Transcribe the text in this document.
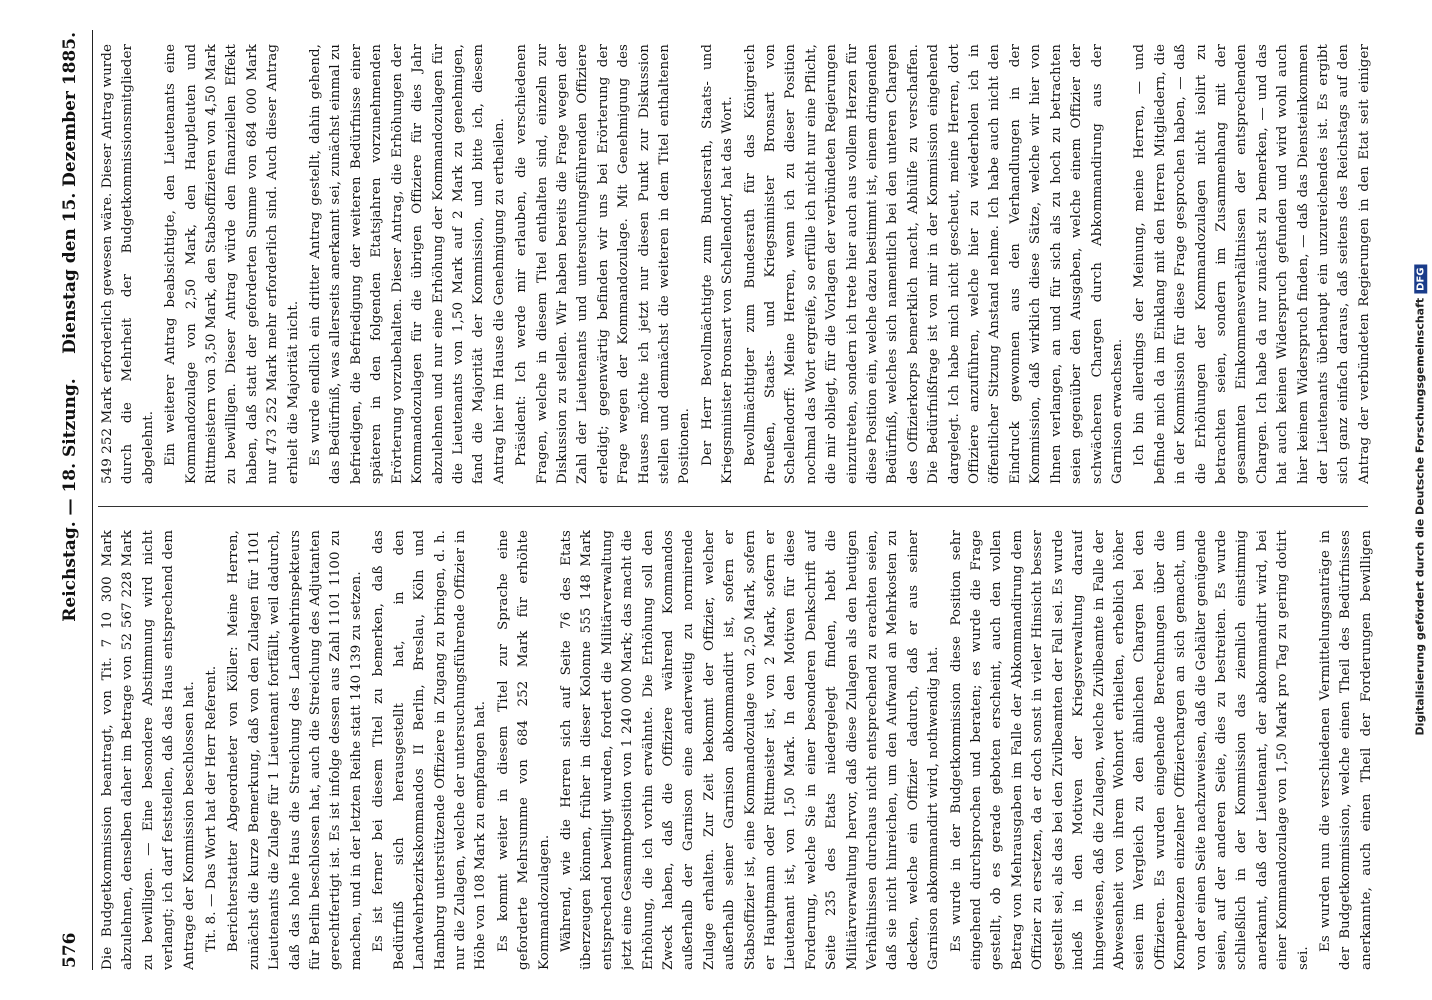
576
Reichstag. — 18. Sitzung.
Dienstag den 15. Dezember 1885.

Die Budgetkommission beantragt, von Tit. 7 10 300 Mark abzulehnen, denselben daher im Betrage von 52 567 228 Mark zu bewilligen. — Eine besondere Abstimmung wird nicht verlangt; ich darf feststellen, daß das Haus entsprechend dem Antrage der Kommission beschlossen hat. Tit. 8. — Das Wort hat der Herr Referent. Berichterstatter Abgeordneter von Köller: Meine Herren, zunächst die kurze Bemerkung, daß von den Zulagen für 1101 Lieutenants die Zulage für 1 Lieutenant fortfällt, weil dadurch, daß das hohe Haus die Streichung des Landwehrinspekteurs für Berlin beschlossen hat, auch die Streichung des Adjutanten gerechtfertigt ist. Es ist infolge dessen aus Zahl 1101 1100 zu machen, und in der letzten Reihe statt 140 139 zu setzen. Es ist ferner bei diesem Titel zu bemerken, daß das Bedürfniß sich herausgestellt hat, in den Landwehrbezirkskommandos II Berlin, Breslau, Köln und Hamburg unterstützende Offiziere in Zugang zu bringen, d. h. nur die Zulagen, welche der untersuchungsführende Offizier in Höhe von 108 Mark zu empfangen hat. Es kommt weiter in diesem Titel zur Sprache eine geforderte Mehrsumme von 684 252 Mark für erhöhte Kommandozulagen. Während, wie die Herren sich auf Seite 76 des Etats überzeugen können, früher in dieser Kolonne 555 148 Mark entsprechend bewilligt wurden, fordert die Militärverwaltung jetzt eine Gesammtposition von 1 240 000 Mark; das macht die Erhöhung, die ich vorhin erwähnte. Die Erhöhung soll den Zweck haben, daß die Offiziere während Kommandos außerhalb der Garnison eine anderweitig zu normirende Zulage erhalten. Zur Zeit bekommt der Offizier, welcher außerhalb seiner Garnison abkommandirt ist, sofern er Stabsoffizier ist, eine Kommandozulage von 2,50 Mark, sofern er Hauptmann oder Rittmeister ist, von 2 Mark, sofern er Lieutenant ist, von 1,50 Mark. In den Motiven für diese Forderung, welche Sie in einer besonderen Denkschrift auf Seite 235 des Etats niedergelegt finden, hebt die Militärverwaltung hervor, daß diese Zulagen als den heutigen Verhältnissen durchaus nicht entsprechend zu erachten seien, daß sie nicht hinreichen, um den Aufwand an Mehrkosten zu decken, welche ein Offizier dadurch, daß er aus seiner Garnison abkommandirt wird, nothwendig hat. Es wurde in der Budgetkommission diese Position sehr eingehend durchsprochen und beraten; es wurde die Frage gestellt, ob es gerade geboten erscheint, auch den vollen Betrag von Mehrausgaben im Falle der Abkommandirung dem Offizier zu ersetzen, da er doch sonst in vieler Hinsicht besser gestellt sei, als das bei den Zivilbeamten der Fall sei. Es wurde indeß in den Motiven der Kriegsverwaltung darauf hingewiesen, daß die Zulagen, welche Zivilbeamte in Falle der Abwesenheit von ihrem Wohnort erhielten, erheblich höher seien im Vergleich zu den ähnlichen Chargen bei den Offizieren. Es wurden eingehende Berechnungen über die Kompetenzen einzelner Offizierchargen an sich gemacht, um von der einen Seite nachzuweisen, daß die Gehälter genügende seien, auf der anderen Seite, dies zu bestreiten. Es wurde schließlich in der Kommission das ziemlich einstimmig anerkannt, daß der Lieutenant, der abkommandirt wird, bei einer Kommandozulage von 1,50 Mark pro Tag zu gering dotirt sei.

Es wurden nun die verschiedenen Vermittelungsanträge in der Budgetkommission, welche einen Theil des Bedürfnisses anerkannte, auch einen Theil der Forderungen bewilligen

549 252 Mark erforderlich gewesen wäre. Dieser Antrag wurde durch die Mehrheit der Budgetkommissionsmitglieder abgelehnt. Ein weiterer Antrag beabsichtigte, den Lieutenants eine Kommandozulage von 2,50 Mark, den Hauptleuten und Rittmeistern von 3,50 Mark, den Stabsoffizieren von 4,50 Mark zu bewilligen. Dieser Antrag würde den finanziellen Effekt haben, daß statt der geforderten Summe von 684 000 Mark nur 473 252 Mark mehr erforderlich sind. Auch dieser Antrag erhielt die Majorität nicht. Es wurde endlich ein dritter Antrag gestellt, dahin gehend, das Bedürfniß, was allerseits anerkannt sei, zunächst einmal zu befriedigen, die Befriedigung der weiteren Bedürfnisse einer späteren in den folgenden Etatsjahren vorzunehmenden Erörterung vorzubehalten. Dieser Antrag, die Erhöhungen der Kommandozulagen für die übrigen Offiziere für dies Jahr abzulehnen und nur eine Erhöhung der Kommandozulagen für die Lieutenants von 1,50 Mark auf 2 Mark zu genehmigen, fand die Majorität der Kommission, und bitte ich, diesem Antrag hier im Hause die Genehmigung zu ertheilen. Präsident: Ich werde mir erlauben, die verschiedenen Fragen, welche in diesem Titel enthalten sind, einzeln zur Diskussion zu stellen. Wir haben bereits die Frage wegen der Zahl der Lieutenants und untersuchungsführenden Offiziere erledigt; gegenwärtig befinden wir uns bei Erörterung der Frage wegen der Kommandozulage. Mit Genehmigung des Hauses möchte ich jetzt nur diesen Punkt zur Diskussion stellen und demnächst die weiteren in dem Titel enthaltenen Positionen. Der Herr Bevollmächtigte zum Bundesrath, Staats- und Kriegsminister Bronsart von Schellendorf, hat das Wort. Bevollmächtigter zum Bundesrath für das Königreich Preußen, Staats- und Kriegsminister Bronsart von Schellendorff: Meine Herren, wenn ich zu dieser Position nochmal das Wort ergreife, so erfülle ich nicht nur eine Pflicht, die mir obliegt, für die Vorlagen der verbündeten Regierungen einzutreten, sondern ich trete hier auch aus vollem Herzen für diese Position ein, welche dazu bestimmt ist, einem dringenden Bedürfniß, welches sich namentlich bei den unteren Chargen des Offizierkorps bemerklich macht, Abhülfe zu verschaffen. Die Bedürfnißfrage ist von mir in der Kommission eingehend dargelegt. Ich habe mich nicht gescheut, meine Herren, dort Offiziere anzuführen, welche hier zu wiederholen ich in öffentlicher Sitzung Anstand nehme. Ich habe auch nicht den Eindruck gewonnen aus den Verhandlungen in der Kommission, daß wirklich diese Sätze, welche wir hier von Ihnen verlangen, an und für sich als zu hoch zu betrachten seien gegenüber den Ausgaben, welche einem Offizier der schwächeren Chargen durch Abkommandirung aus der Garnison erwachsen. Ich bin allerdings der Meinung, meine Herren, — und befinde mich da im Einklang mit den Herren Mitgliedern, die in der Kommission für diese Frage gesprochen haben, — daß die Erhöhungen der Kommandozulagen nicht isolirt zu betrachten seien, sondern im Zusammenhang mit der gesammten Einkommensverhältnissen der entsprechenden Chargen. Ich habe da nur zunächst zu bemerken, — und das hat auch keinen Widerspruch gefunden und wird wohl auch hier keinem Widerspruch finden, — daß das Diensteinkommen der Lieutenants überhaupt ein unzureichendes ist. Es ergibt sich ganz einfach daraus, daß seitens des Reichstags auf den Antrag der verbündeten Regierungen in den Etat seit einiger

Digitalisierung gefördert durch die Deutsche ForschungsgemeinschaftDFG
